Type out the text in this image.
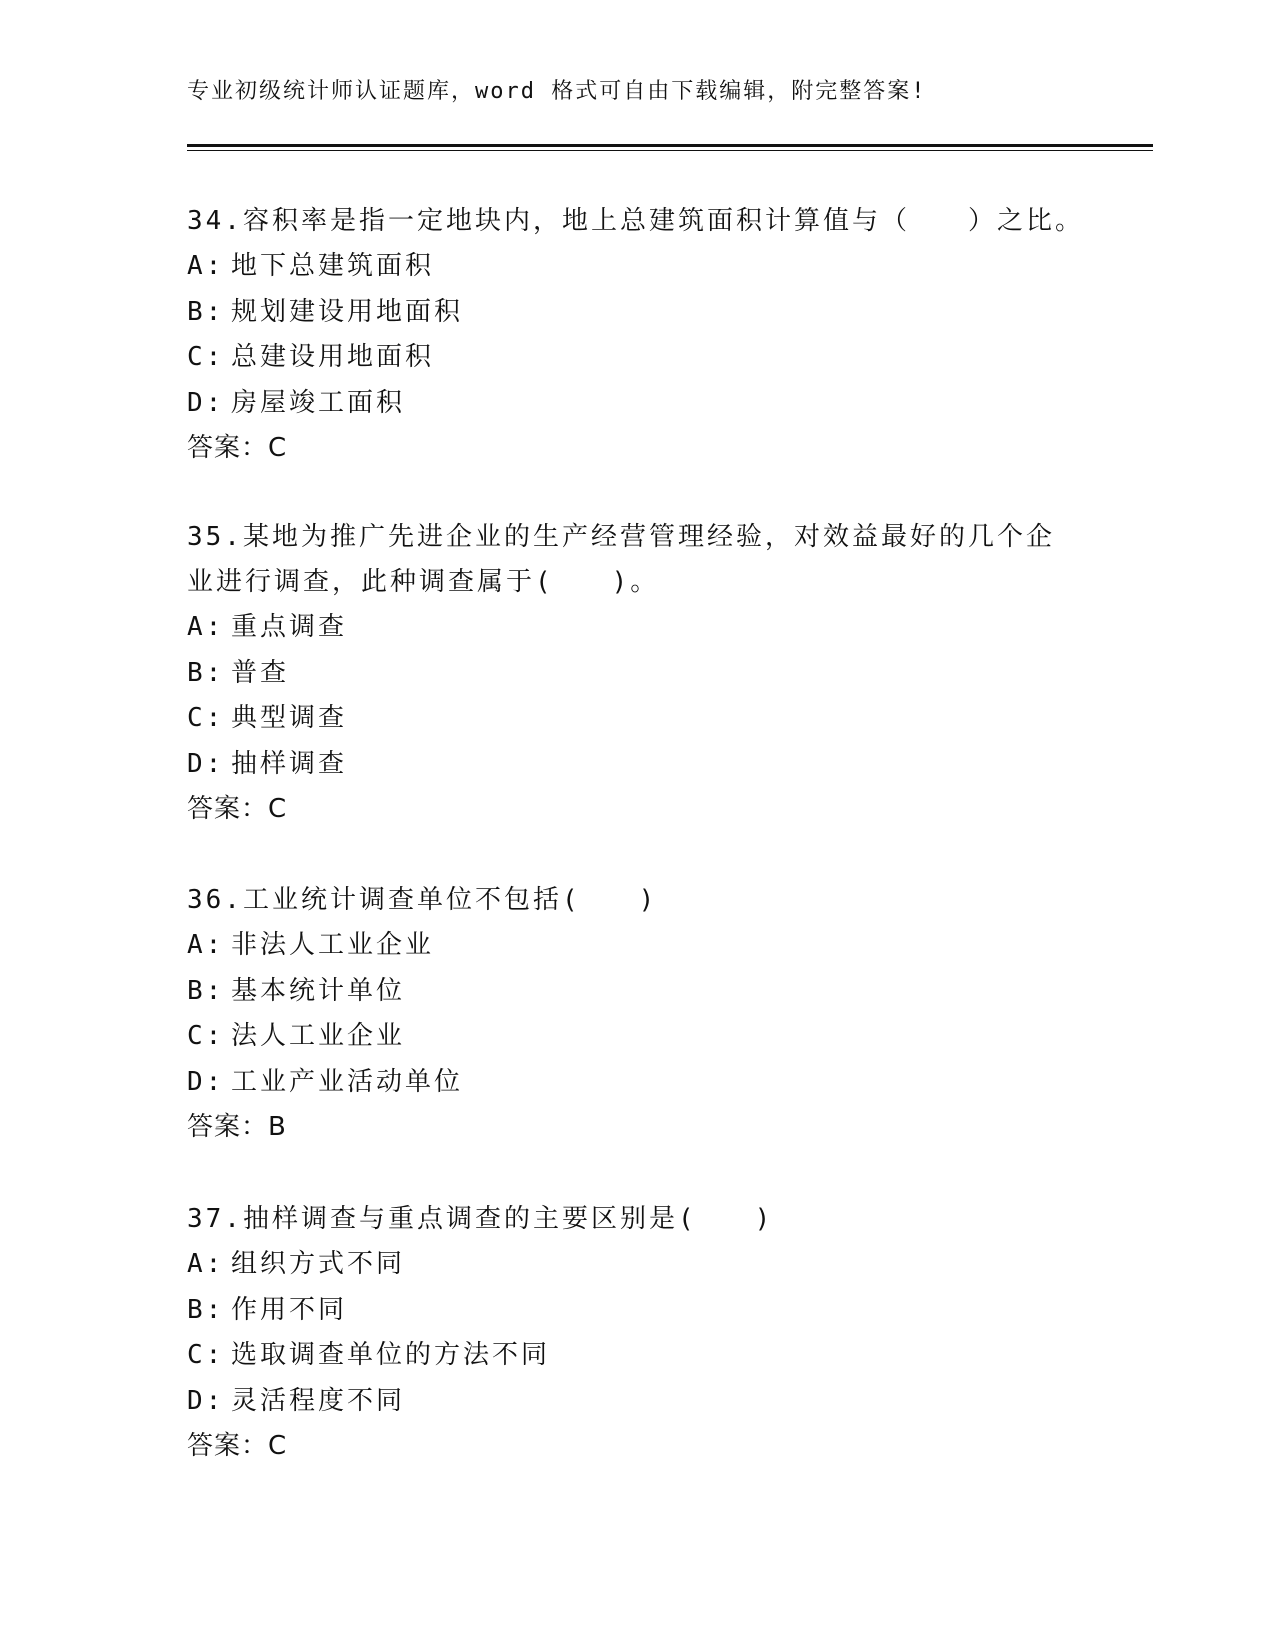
专业初级统计师认证题库，word 格式可自由下载编辑，附完整答案!

34.容积率是指一定地块内，地上总建筑面积计算值与（　　）之比。

A: 地下总建筑面积
B: 规划建设用地面积
C: 总建设用地面积
D: 房屋竣工面积
答案：C

35.某地为推广先进企业的生产经营管理经验，对效益最好的几个企业进行调查，此种调查属于(　　)。

A: 重点调查
B: 普查
C: 典型调查
D: 抽样调查
答案：C

36.工业统计调查单位不包括(　　)

A: 非法人工业企业
B: 基本统计单位
C: 法人工业企业
D: 工业产业活动单位
答案：B

37.抽样调查与重点调查的主要区别是(　　)

A: 组织方式不同
B: 作用不同
C: 选取调查单位的方法不同
D: 灵活程度不同
答案：C
